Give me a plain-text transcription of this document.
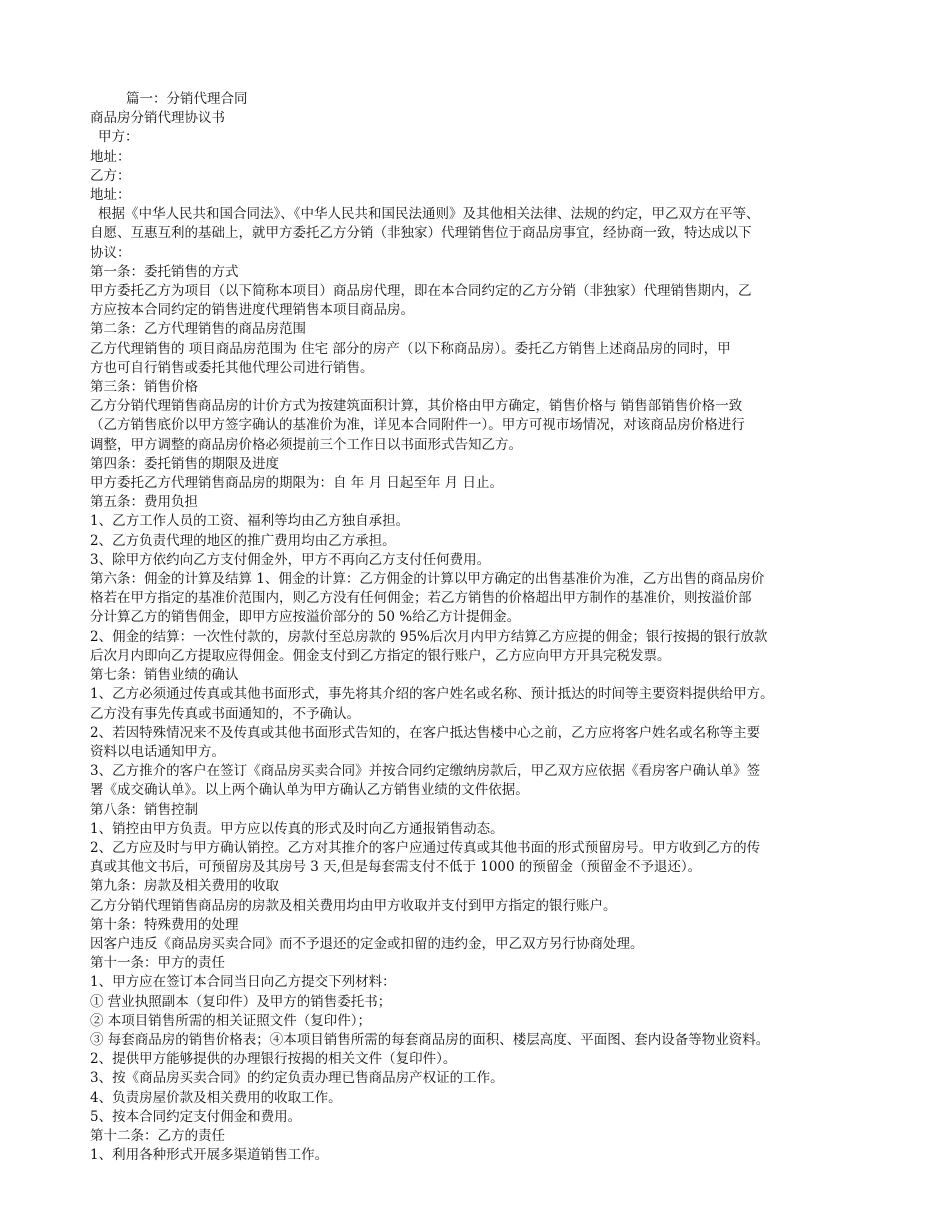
篇一：分销代理合同
商品房分销代理协议书
甲方：
地址：
乙方：
地址：
根据《中华人民共和国合同法》、《中华人民共和国民法通则》及其他相关法律、法规的约定，甲乙双方在平等、
自愿、互惠互利的基础上，就甲方委托乙方分销（非独家）代理销售位于商品房事宜，经协商一致，特达成以下
协议：
第一条：委托销售的方式
甲方委托乙方为项目（以下简称本项目）商品房代理，即在本合同约定的乙方分销（非独家）代理销售期内，乙
方应按本合同约定的销售进度代理销售本项目商品房。
第二条：乙方代理销售的商品房范围
乙方代理销售的 项目商品房范围为 住宅 部分的房产（以下称商品房）。委托乙方销售上述商品房的同时，甲
方也可自行销售或委托其他代理公司进行销售。
第三条：销售价格
乙方分销代理销售商品房的计价方式为按建筑面积计算，其价格由甲方确定，销售价格与 销售部销售价格一致
（乙方销售底价以甲方签字确认的基准价为准，详见本合同附件一）。甲方可视市场情况，对该商品房价格进行
调整，甲方调整的商品房价格必须提前三个工作日以书面形式告知乙方。
第四条：委托销售的期限及进度
甲方委托乙方代理销售商品房的期限为：自 年 月 日起至年 月 日止。
第五条：费用负担
1、乙方工作人员的工资、福利等均由乙方独自承担。
2、乙方负责代理的地区的推广费用均由乙方承担。
3、除甲方依约向乙方支付佣金外，甲方不再向乙方支付任何费用。
第六条：佣金的计算及结算 1、佣金的计算：乙方佣金的计算以甲方确定的出售基准价为准，乙方出售的商品房价
格若在甲方指定的基准价范围内，则乙方没有任何佣金；若乙方销售的价格超出甲方制作的基准价，则按溢价部
分计算乙方的销售佣金，即甲方应按溢价部分的 50 %给乙方计提佣金。
2、佣金的结算：一次性付款的，房款付至总房款的 95%后次月内甲方结算乙方应提的佣金；银行按揭的银行放款
后次月内即向乙方提取应得佣金。佣金支付到乙方指定的银行账户，乙方应向甲方开具完税发票。
第七条：销售业绩的确认
1、乙方必须通过传真或其他书面形式，事先将其介绍的客户姓名或名称、预计抵达的时间等主要资料提供给甲方。
乙方没有事先传真或书面通知的，不予确认。
2、若因特殊情况来不及传真或其他书面形式告知的，在客户抵达售楼中心之前，乙方应将客户姓名或名称等主要
资料以电话通知甲方。
3、乙方推介的客户在签订《商品房买卖合同》并按合同约定缴纳房款后，甲乙双方应依据《看房客户确认单》签
署《成交确认单》。以上两个确认单为甲方确认乙方销售业绩的文件依据。
第八条：销售控制
1、销控由甲方负责。甲方应以传真的形式及时向乙方通报销售动态。
2、乙方应及时与甲方确认销控。乙方对其推介的客户应通过传真或其他书面的形式预留房号。甲方收到乙方的传
真或其他文书后，可预留房及其房号 3 天,但是每套需支付不低于 1000 的预留金（预留金不予退还）。
第九条：房款及相关费用的收取
乙方分销代理销售商品房的房款及相关费用均由甲方收取并支付到甲方指定的银行账户。
第十条：特殊费用的处理
因客户违反《商品房买卖合同》而不予退还的定金或扣留的违约金，甲乙双方另行协商处理。
第十一条：甲方的责任
1、甲方应在签订本合同当日向乙方提交下列材料：
① 营业执照副本（复印件）及甲方的销售委托书；
② 本项目销售所需的相关证照文件（复印件）；
③ 每套商品房的销售价格表；④本项目销售所需的每套商品房的面积、楼层高度、平面图、套内设备等物业资料。
2、提供甲方能够提供的办理银行按揭的相关文件（复印件）。
3、按《商品房买卖合同》的约定负责办理已售商品房产权证的工作。
4、负责房屋价款及相关费用的收取工作。
5、按本合同约定支付佣金和费用。
第十二条：乙方的责任
1、利用各种形式开展多渠道销售工作。
